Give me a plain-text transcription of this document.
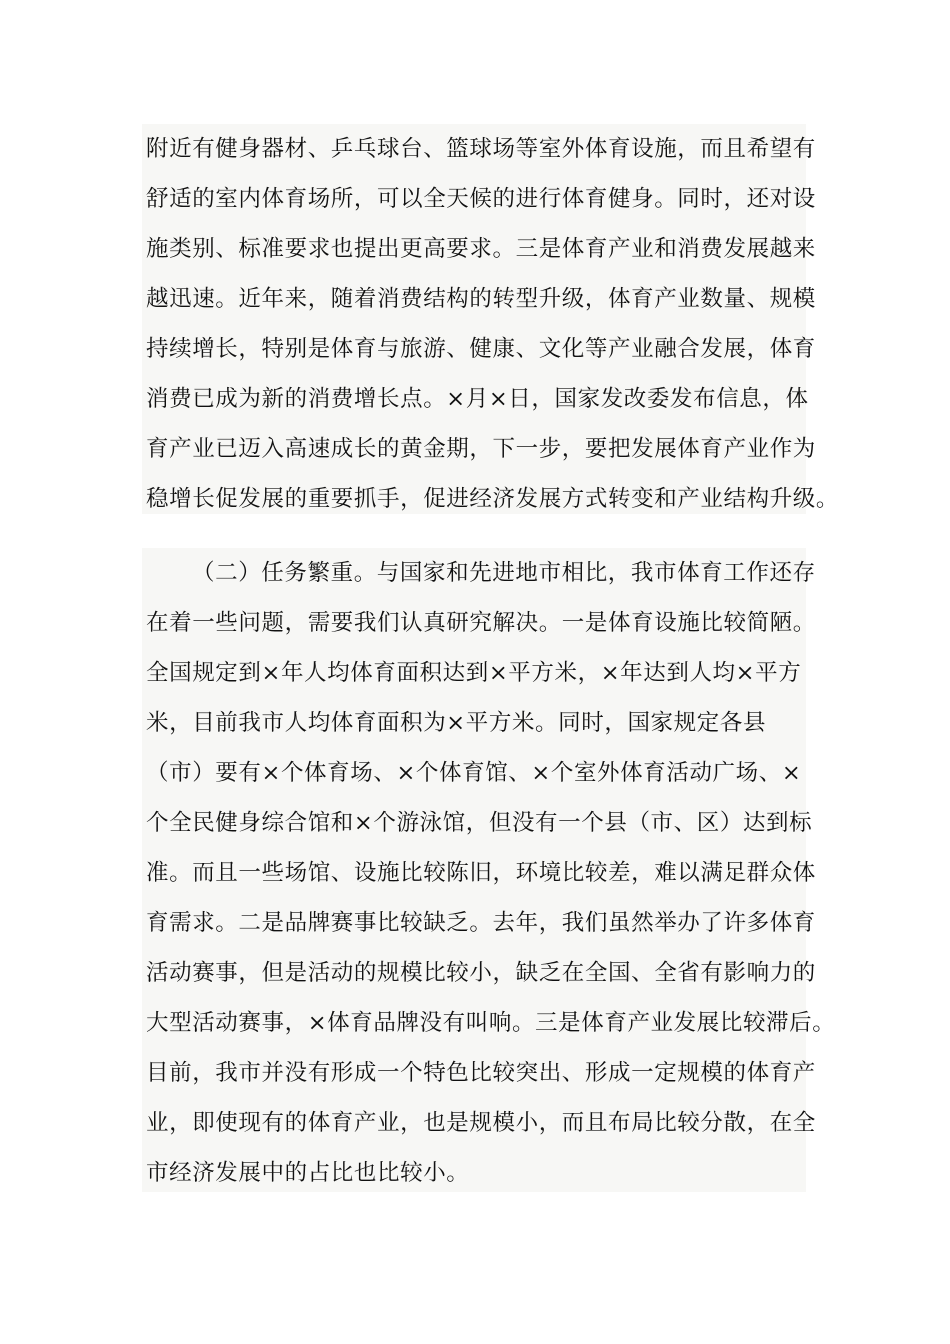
附近有健身器材、乒乓球台、篮球场等室外体育设施，而且希望有
舒适的室内体育场所，可以全天候的进行体育健身。同时，还对设
施类别、标准要求也提出更高要求。三是体育产业和消费发展越来
越迅速。近年来，随着消费结构的转型升级，体育产业数量、规模
持续增长，特别是体育与旅游、健康、文化等产业融合发展，体育
消费已成为新的消费增长点。×月×日，国家发改委发布信息，体
育产业已迈入高速成长的黄金期，下一步，要把发展体育产业作为
稳增长促发展的重要抓手，促进经济发展方式转变和产业结构升级。
（二）任务繁重。与国家和先进地市相比，我市体育工作还存
在着一些问题，需要我们认真研究解决。一是体育设施比较简陋。
全国规定到×年人均体育面积达到×平方米，×年达到人均×平方
米，目前我市人均体育面积为×平方米。同时，国家规定各县
（市）要有×个体育场、×个体育馆、×个室外体育活动广场、×
个全民健身综合馆和×个游泳馆，但没有一个县（市、区）达到标
准。而且一些场馆、设施比较陈旧，环境比较差，难以满足群众体
育需求。二是品牌赛事比较缺乏。去年，我们虽然举办了许多体育
活动赛事，但是活动的规模比较小，缺乏在全国、全省有影响力的
大型活动赛事，×体育品牌没有叫响。三是体育产业发展比较滞后。
目前，我市并没有形成一个特色比较突出、形成一定规模的体育产
业，即使现有的体育产业，也是规模小，而且布局比较分散，在全
市经济发展中的占比也比较小。
